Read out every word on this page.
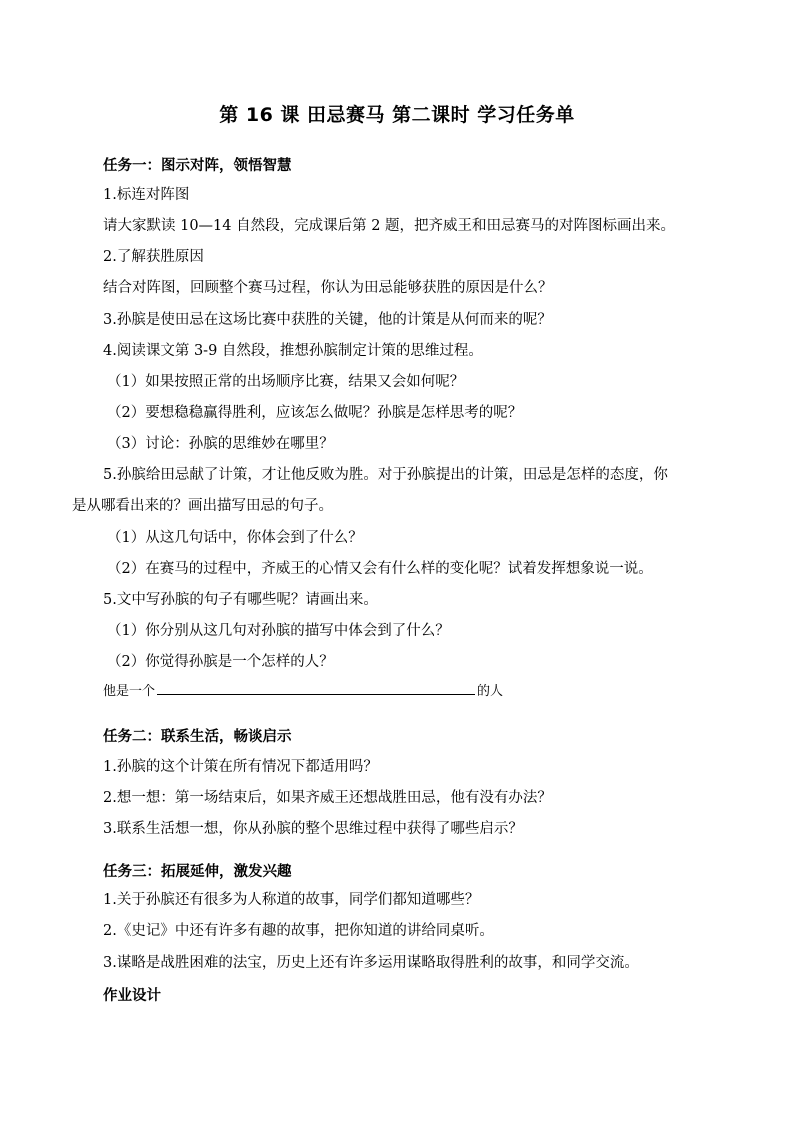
第 16 课 田忌赛马 第二课时 学习任务单
任务一：图示对阵，领悟智慧
1.标连对阵图
请大家默读 10—14 自然段，完成课后第 2 题，把齐威王和田忌赛马的对阵图标画出来。
2.了解获胜原因
结合对阵图，回顾整个赛马过程，你认为田忌能够获胜的原因是什么？
3.孙膑是使田忌在这场比赛中获胜的关键，他的计策是从何而来的呢？
4.阅读课文第 3-9 自然段，推想孙膑制定计策的思维过程。
（1）如果按照正常的出场顺序比赛，结果又会如何呢？
（2）要想稳稳赢得胜利，应该怎么做呢？孙膑是怎样思考的呢？
（3）讨论：孙膑的思维妙在哪里？
5.孙膑给田忌献了计策，才让他反败为胜。对于孙膑提出的计策，田忌是怎样的态度，你
是从哪看出来的？画出描写田忌的句子。
（1）从这几句话中，你体会到了什么？
（2）在赛马的过程中，齐威王的心情又会有什么样的变化呢？试着发挥想象说一说。
5.文中写孙膑的句子有哪些呢？请画出来。
（1）你分别从这几句对孙膑的描写中体会到了什么？
（2）你觉得孙膑是一个怎样的人？
他是一个	的人
任务二：联系生活，畅谈启示
1.孙膑的这个计策在所有情况下都适用吗？
2.想一想：第一场结束后，如果齐威王还想战胜田忌，他有没有办法？
3.联系生活想一想，你从孙膑的整个思维过程中获得了哪些启示？
任务三：拓展延伸，激发兴趣
1.关于孙膑还有很多为人称道的故事，同学们都知道哪些？
2.《史记》中还有许多有趣的故事，把你知道的讲给同桌听。
3.谋略是战胜困难的法宝，历史上还有许多运用谋略取得胜利的故事，和同学交流。
作业设计
